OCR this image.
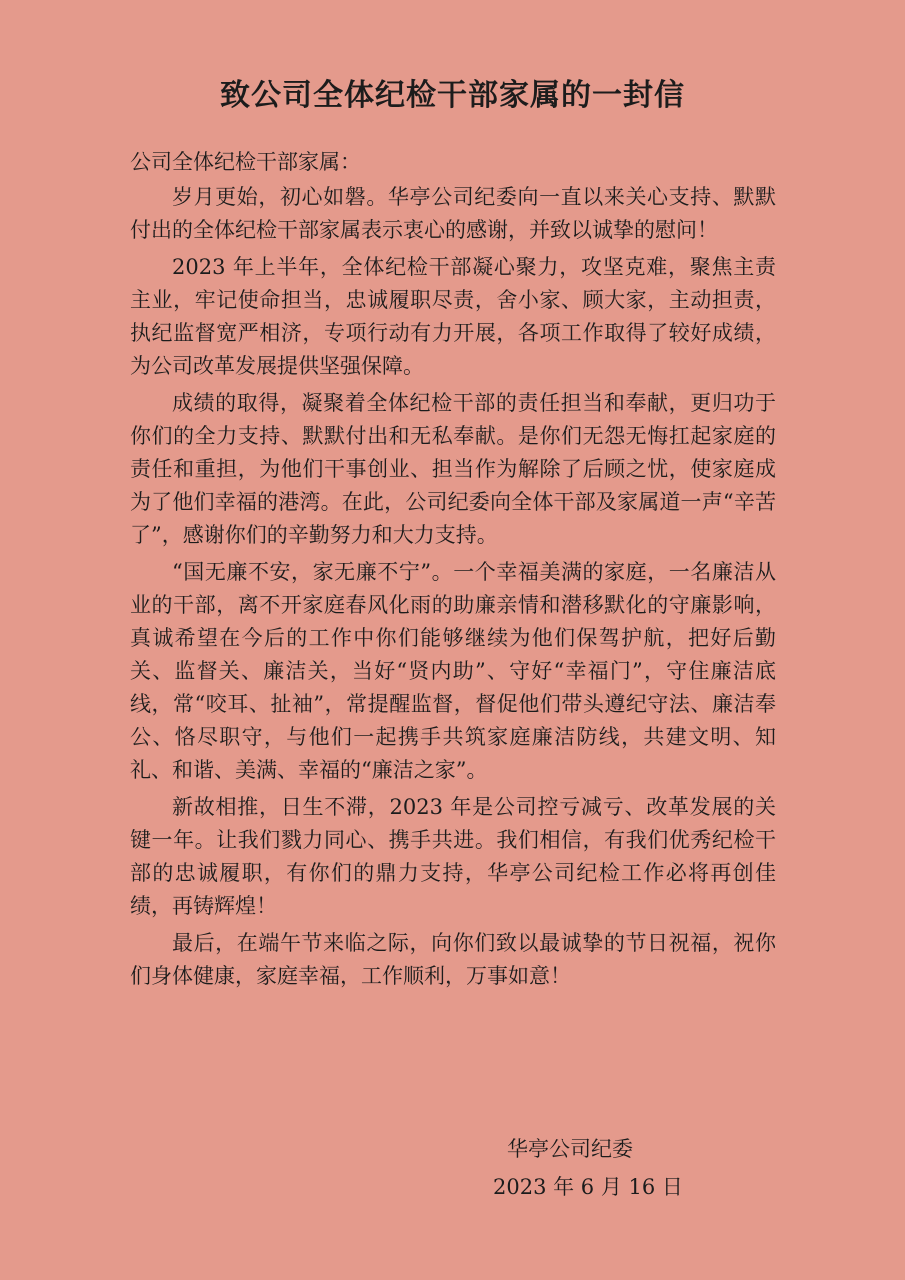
致公司全体纪检干部家属的一封信

公司全体纪检干部家属：

岁月更始，初心如磐。华亭公司纪委向一直以来关心支持、默默付出的全体纪检干部家属表示衷心的感谢，并致以诚挚的慰问！

2023 年上半年，全体纪检干部凝心聚力，攻坚克难，聚焦主责主业，牢记使命担当，忠诚履职尽责，舍小家、顾大家，主动担责，执纪监督宽严相济，专项行动有力开展，各项工作取得了较好成绩，为公司改革发展提供坚强保障。

成绩的取得，凝聚着全体纪检干部的责任担当和奉献，更归功于你们的全力支持、默默付出和无私奉献。是你们无怨无悔扛起家庭的责任和重担，为他们干事创业、担当作为解除了后顾之忧，使家庭成为了他们幸福的港湾。在此，公司纪委向全体干部及家属道一声“辛苦了”，感谢你们的辛勤努力和大力支持。

“国无廉不安，家无廉不宁”。一个幸福美满的家庭，一名廉洁从业的干部，离不开家庭春风化雨的助廉亲情和潜移默化的守廉影响，真诚希望在今后的工作中你们能够继续为他们保驾护航，把好后勤关、监督关、廉洁关，当好“贤内助”、守好“幸福门”，守住廉洁底线，常“咬耳、扯袖”，常提醒监督，督促他们带头遵纪守法、廉洁奉公、恪尽职守，与他们一起携手共筑家庭廉洁防线，共建文明、知礼、和谐、美满、幸福的“廉洁之家”。

新故相推，日生不滞，2023 年是公司控亏减亏、改革发展的关键一年。让我们戮力同心、携手共进。我们相信，有我们优秀纪检干部的忠诚履职，有你们的鼎力支持，华亭公司纪检工作必将再创佳绩，再铸辉煌！

最后，在端午节来临之际，向你们致以最诚挚的节日祝福，祝你们身体健康，家庭幸福，工作顺利，万事如意！

华亭公司纪委

2023 年 6 月 16 日
